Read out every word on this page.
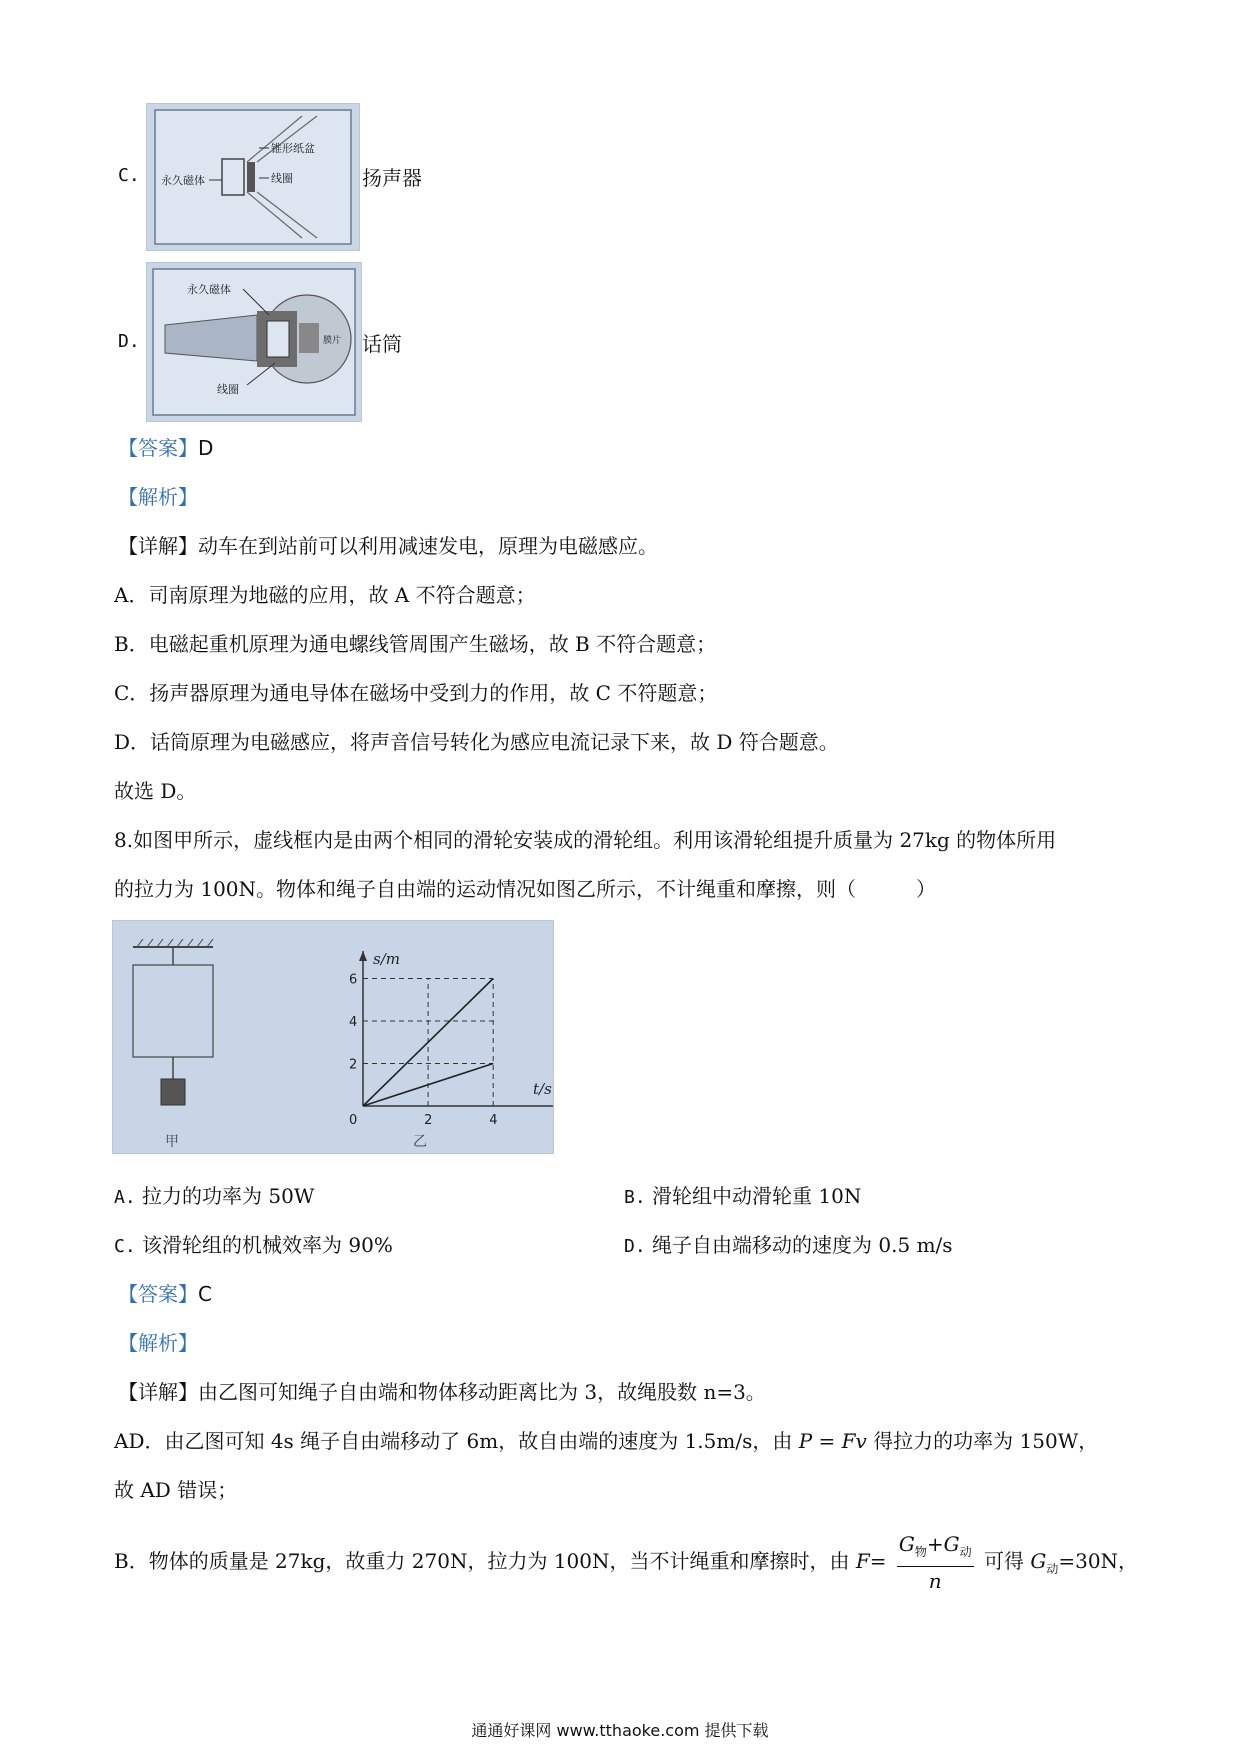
C.
锥形纸盆
永久磁体	线圈	扬声器
D.
永久磁体
膜片
线圈
话筒
【答案】D
【解析】
【详解】动车在到站前可以利用减速发电，原理为电磁感应。
A．司南原理为地磁的应用，故 A 不符合题意；
B．电磁起重机原理为通电螺线管周围产生磁场，故 B 不符合题意；
C．扬声器原理为通电导体在磁场中受到力的作用，故 C 不符题意；
D．话筒原理为电磁感应，将声音信号转化为感应电流记录下来，故 D 符合题意。
故选 D。
8.如图甲所示，虚线框内是由两个相同的滑轮安装成的滑轮组。利用该滑轮组提升质量为 27kg 的物体所用
的拉力为 100N。物体和绳子自由端的运动情况如图乙所示，不计绳重和摩擦，则（　　　）
甲
2
4
6
0	2	4
s/m
t/s
乙
A. 拉力的功率为 50W	B. 滑轮组中动滑轮重 10N
C. 该滑轮组的机械效率为 90%	D. 绳子自由端移动的速度为 0.5 m/s
【答案】C
【解析】
【详解】由乙图可知绳子自由端和物体移动距离比为 3，故绳股数 n=3。
AD．由乙图可知 4s 绳子自由端移动了 6m，故自由端的速度为 1.5m/s，由 P = Fv 得拉力的功率为 150W，
故 AD 错误；
B．物体的质量是 27kg，故重力 270N，拉力为 100N，当不计绳重和摩擦时，由 $F= \frac{G_物+G_动}{n}$ 可得 $G_动=30N$，
通通好课网 www.tthaoke.com 提供下载
